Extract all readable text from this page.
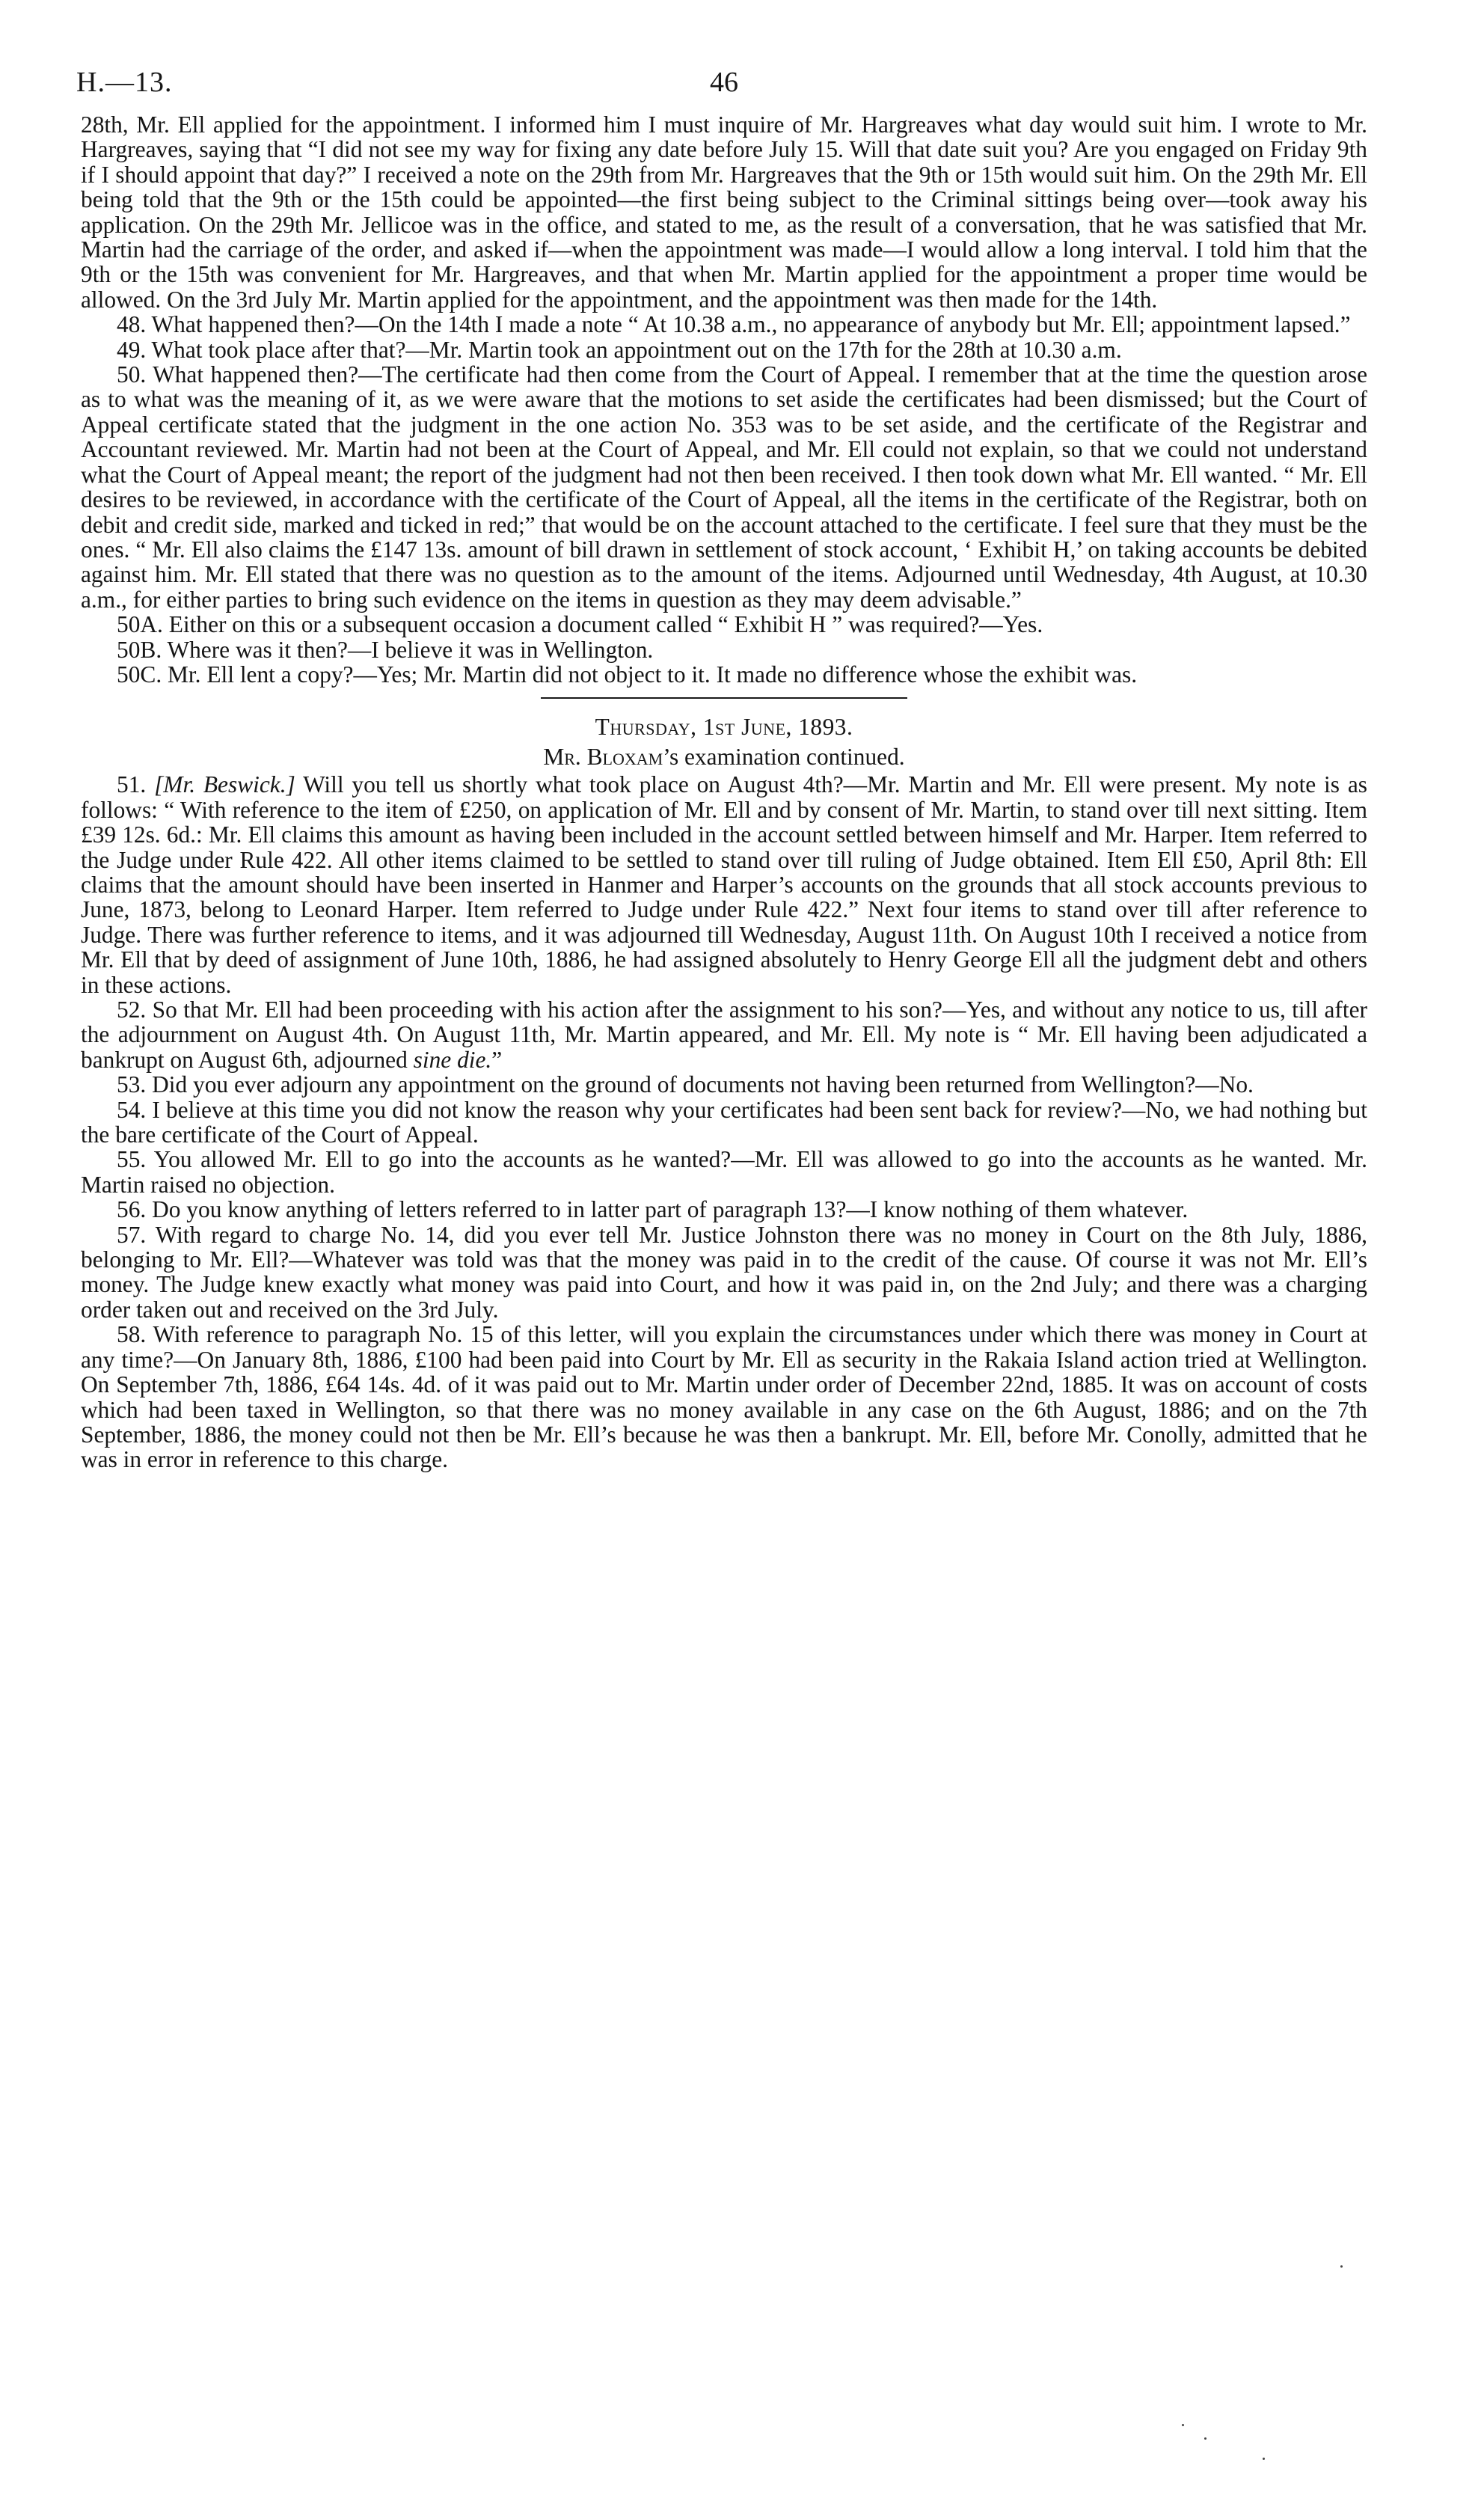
H.—13.	46

28th, Mr. Ell applied for the appointment. I informed him I must inquire of Mr. Hargreaves what day would suit him. I wrote to Mr. Hargreaves, saying that “I did not see my way for fixing any date before July 15. Will that date suit you? Are you engaged on Friday 9th if I should appoint that day?” I received a note on the 29th from Mr. Hargreaves that the 9th or 15th would suit him. On the 29th Mr. Ell being told that the 9th or the 15th could be appointed—the first being subject to the Criminal sittings being over—took away his application. On the 29th Mr. Jellicoe was in the office, and stated to me, as the result of a conversation, that he was satisfied that Mr. Martin had the carriage of the order, and asked if—when the appointment was made—I would allow a long interval. I told him that the 9th or the 15th was convenient for Mr. Hargreaves, and that when Mr. Martin applied for the appointment a proper time would be allowed. On the 3rd July Mr. Martin applied for the appointment, and the appointment was then made for the 14th.

48. What happened then?—On the 14th I made a note “ At 10.38 a.m., no appearance of anybody but Mr. Ell; appointment lapsed.”

49. What took place after that?—Mr. Martin took an appointment out on the 17th for the 28th at 10.30 a.m.

50. What happened then?—The certificate had then come from the Court of Appeal. I remember that at the time the question arose as to what was the meaning of it, as we were aware that the motions to set aside the certificates had been dismissed; but the Court of Appeal certificate stated that the judgment in the one action No. 353 was to be set aside, and the certificate of the Registrar and Accountant reviewed. Mr. Martin had not been at the Court of Appeal, and Mr. Ell could not explain, so that we could not understand what the Court of Appeal meant; the report of the judgment had not then been received. I then took down what Mr. Ell wanted. “ Mr. Ell desires to be reviewed, in accordance with the certificate of the Court of Appeal, all the items in the certificate of the Registrar, both on debit and credit side, marked and ticked in red;” that would be on the account attached to the certificate. I feel sure that they must be the ones. “ Mr. Ell also claims the £147 13s. amount of bill drawn in settlement of stock account, ‘ Exhibit H,’ on taking accounts be debited against him. Mr. Ell stated that there was no question as to the amount of the items. Adjourned until Wednesday, 4th August, at 10.30 a.m., for either parties to bring such evidence on the items in question as they may deem advisable.”

50A. Either on this or a subsequent occasion a document called “ Exhibit H ” was required?—Yes.

50B. Where was it then?—I believe it was in Wellington.

50C. Mr. Ell lent a copy?—Yes; Mr. Martin did not object to it. It made no difference whose the exhibit was.

Thursday, 1st June, 1893.
Mr. Bloxam’s examination continued.

51. [Mr. Beswick.] Will you tell us shortly what took place on August 4th?—Mr. Martin and Mr. Ell were present. My note is as follows: “ With reference to the item of £250, on application of Mr. Ell and by consent of Mr. Martin, to stand over till next sitting. Item £39 12s. 6d.: Mr. Ell claims this amount as having been included in the account settled between himself and Mr. Harper. Item referred to the Judge under Rule 422. All other items claimed to be settled to stand over till ruling of Judge obtained. Item Ell £50, April 8th: Ell claims that the amount should have been inserted in Hanmer and Harper’s accounts on the grounds that all stock accounts previous to June, 1873, belong to Leonard Harper. Item referred to Judge under Rule 422.” Next four items to stand over till after reference to Judge. There was further reference to items, and it was adjourned till Wednesday, August 11th. On August 10th I received a notice from Mr. Ell that by deed of assignment of June 10th, 1886, he had assigned absolutely to Henry George Ell all the judgment debt and others in these actions.

52. So that Mr. Ell had been proceeding with his action after the assignment to his son?—Yes, and without any notice to us, till after the adjournment on August 4th. On August 11th, Mr. Martin appeared, and Mr. Ell. My note is “ Mr. Ell having been adjudicated a bankrupt on August 6th, adjourned sine die.”

53. Did you ever adjourn any appointment on the ground of documents not having been returned from Wellington?—No.

54. I believe at this time you did not know the reason why your certificates had been sent back for review?—No, we had nothing but the bare certificate of the Court of Appeal.

55. You allowed Mr. Ell to go into the accounts as he wanted?—Mr. Ell was allowed to go into the accounts as he wanted. Mr. Martin raised no objection.

56. Do you know anything of letters referred to in latter part of paragraph 13?—I know nothing of them whatever.

57. With regard to charge No. 14, did you ever tell Mr. Justice Johnston there was no money in Court on the 8th July, 1886, belonging to Mr. Ell?—Whatever was told was that the money was paid in to the credit of the cause. Of course it was not Mr. Ell’s money. The Judge knew exactly what money was paid into Court, and how it was paid in, on the 2nd July; and there was a charging order taken out and received on the 3rd July.

58. With reference to paragraph No. 15 of this letter, will you explain the circumstances under which there was money in Court at any time?—On January 8th, 1886, £100 had been paid into Court by Mr. Ell as security in the Rakaia Island action tried at Wellington. On September 7th, 1886, £64 14s. 4d. of it was paid out to Mr. Martin under order of December 22nd, 1885. It was on account of costs which had been taxed in Wellington, so that there was no money available in any case on the 6th August, 1886; and on the 7th September, 1886, the money could not then be Mr. Ell’s because he was then a bankrupt. Mr. Ell, before Mr. Conolly, admitted that he was in error in reference to this charge.
